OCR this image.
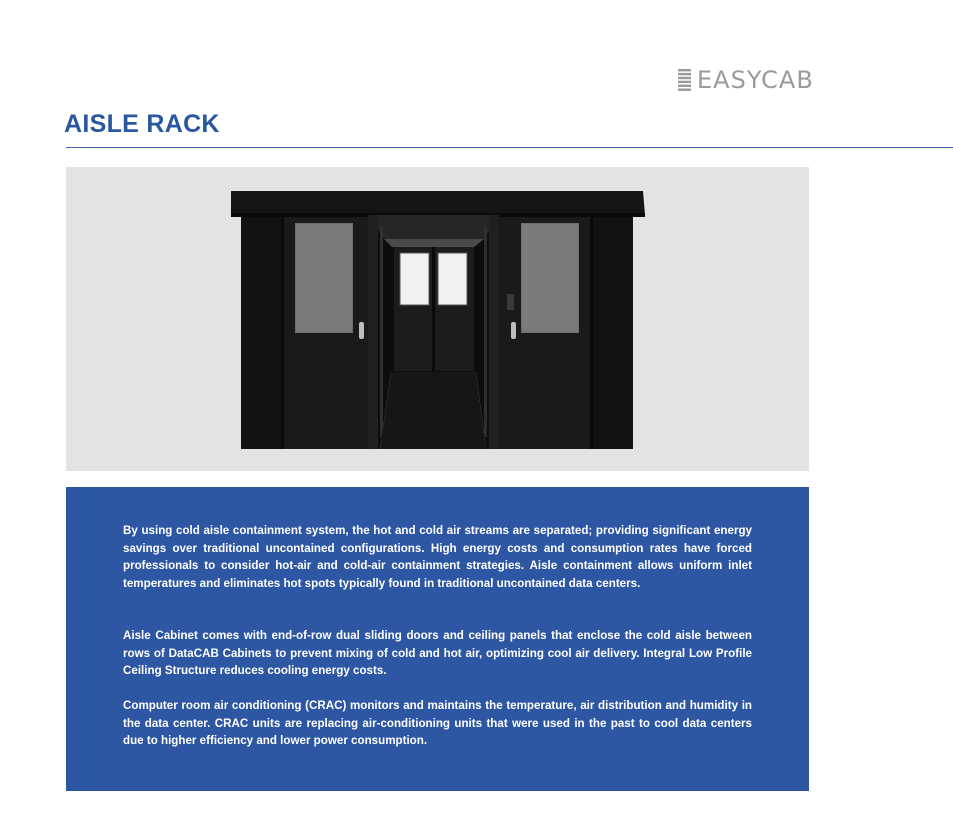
EASYCAB
AISLE RACK

By using cold aisle containment system, the hot and cold air streams are separated; providing significant energy savings over traditional uncontained configurations. High energy costs and consumption rates have forced professionals to consider hot-air and cold-air containment strategies. Aisle containment allows uniform inlet temperatures and eliminates hot spots typically found in traditional uncontained data centers.

Aisle Cabinet comes with end-of-row dual sliding doors and ceiling panels that enclose the cold aisle between rows of DataCAB Cabinets to prevent mixing of cold and hot air, optimizing cool air delivery. Integral Low Profile Ceiling Structure reduces cooling energy costs.

Computer room air conditioning (CRAC) monitors and maintains the temperature, air distribution and humidity in the data center. CRAC units are replacing air-conditioning units that were used in the past to cool data centers due to higher efficiency and lower power consumption.
